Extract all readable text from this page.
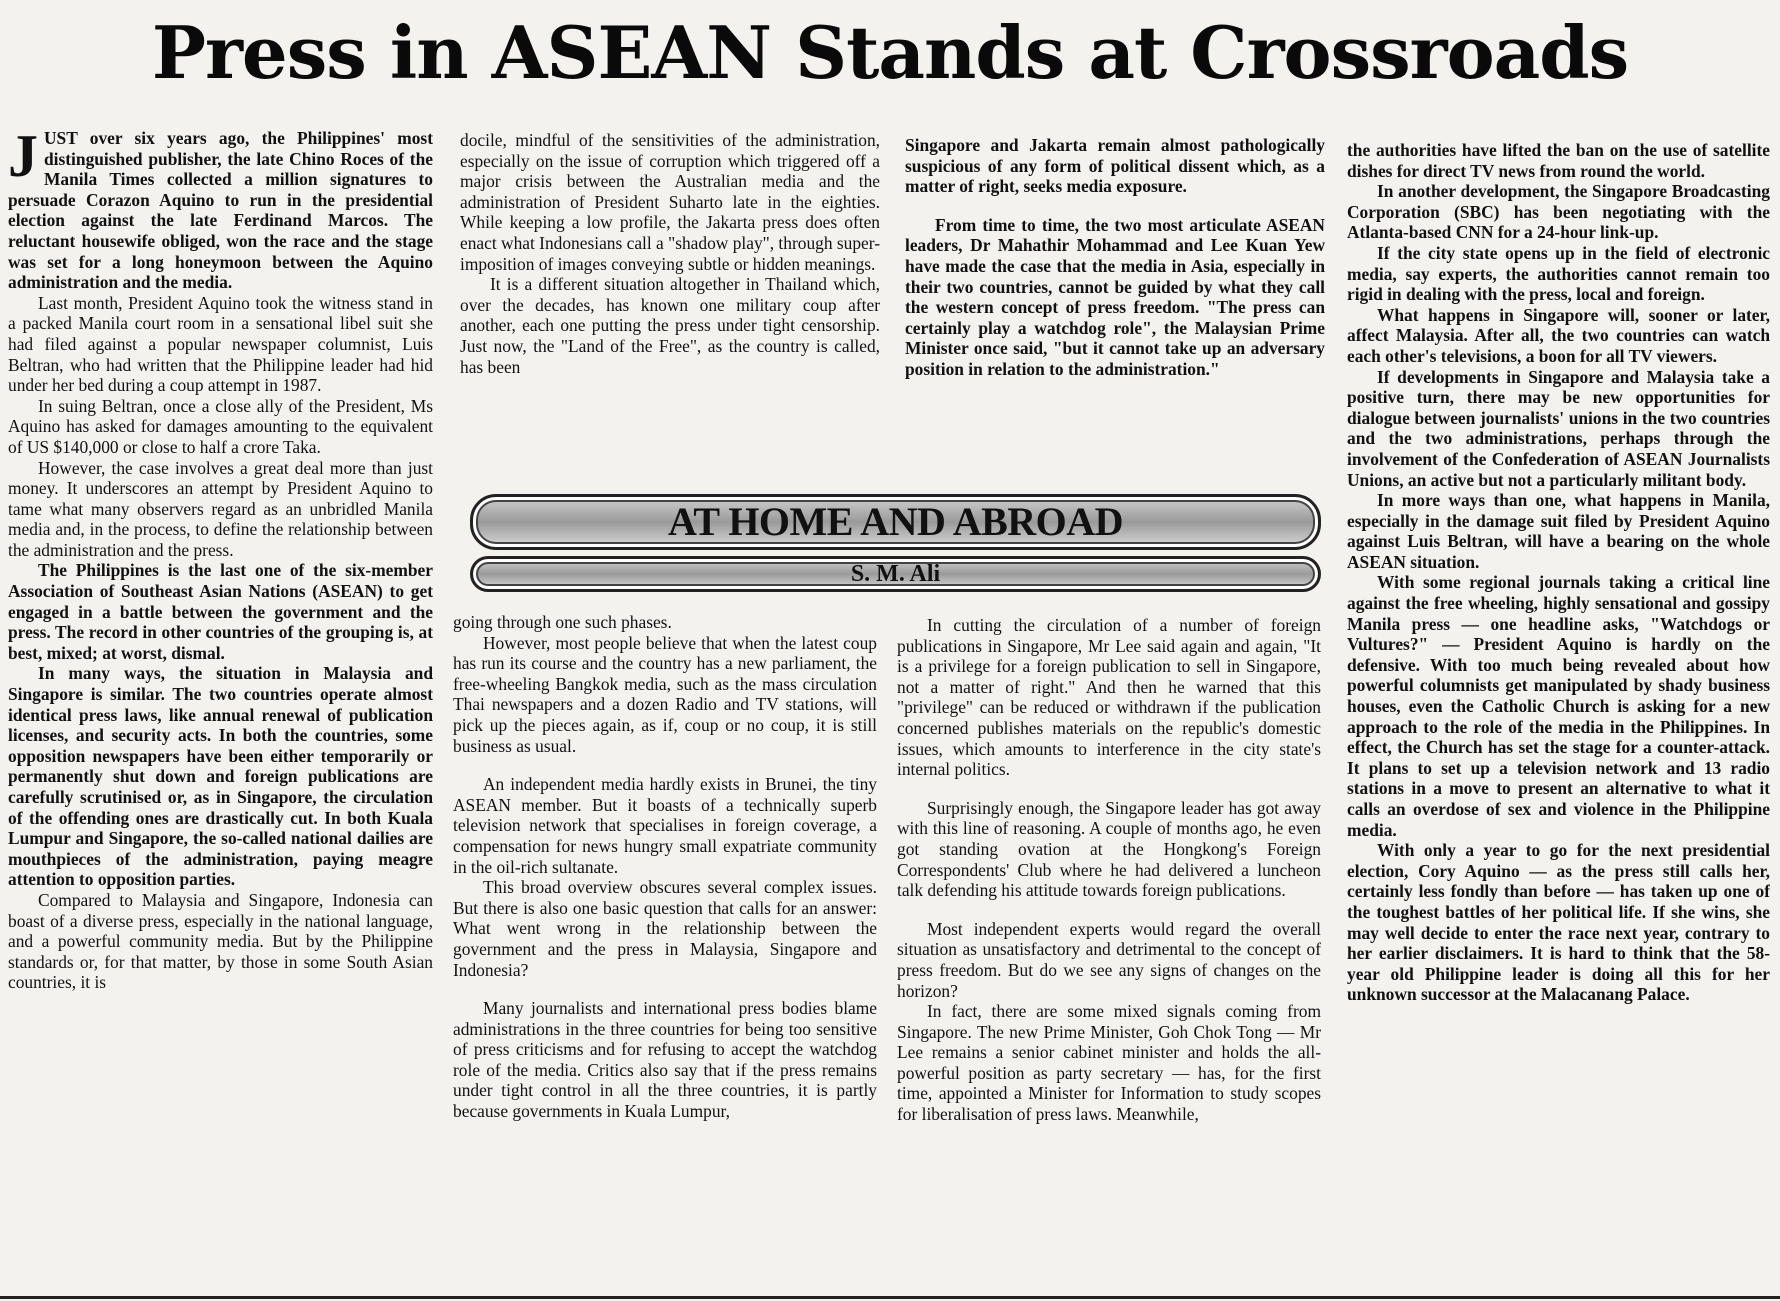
Press in ASEAN Stands at Crossroads
J UST over six years ago, the Philippines' most distinguished publisher, the late Chino Roces of the Manila Times collected a million signatures to persuade Corazon Aquino to run in the presidential election against the late Ferdinand Marcos. The reluctant housewife obliged, won the race and the stage was set for a long honeymoon between the Aquino administration and the media.

Last month, President Aquino took the witness stand in a packed Manila court room in a sensational libel suit she had filed against a popular newspaper columnist, Luis Beltran, who had written that the Philippine leader had hid under her bed during a coup attempt in 1987.

In suing Beltran, once a close ally of the President, Ms Aquino has asked for damages amounting to the equivalent of US $140,000 or close to half a crore Taka.

However, the case involves a great deal more than just money. It underscores an attempt by President Aquino to tame what many observers regard as an unbridled Manila media and, in the process, to define the relationship between the administration and the press.

The Philippines is the last one of the six-member Association of Southeast Asian Nations (ASEAN) to get engaged in a battle between the government and the press. The record in other countries of the grouping is, at best, mixed; at worst, dismal.

In many ways, the situation in Malaysia and Singapore is similar. The two countries operate almost identical press laws, like annual renewal of publication licenses, and security acts. In both the countries, some opposition newspapers have been either temporarily or permanently shut down and foreign publications are carefully scrutinised or, as in Singapore, the circulation of the offending ones are drastically cut. In both Kuala Lumpur and Singapore, the so-called national dailies are mouthpieces of the administration, paying meagre attention to opposition parties.

Compared to Malaysia and Singapore, Indonesia can boast of a diverse press, especially in the national language, and a powerful community media. But by the Philippine standards or, for that matter, by those in some South Asian countries, it is

docile, mindful of the sensitivities of the administration, especially on the issue of corruption which triggered off a major crisis between the Australian media and the administration of President Suharto late in the eighties. While keeping a low profile, the Jakarta press does often enact what Indonesians call a "shadow play", through super- imposition of images conveying subtle or hidden meanings.

It is a different situation altogether in Thailand which, over the decades, has known one military coup after another, each one putting the press under tight censorship. Just now, the "Land of the Free", as the country is called, has been

Singapore and Jakarta remain almost pathologically suspicious of any form of political dissent which, as a matter of right, seeks media exposure.

From time to time, the two most articulate ASEAN leaders, Dr Mahathir Mohammad and Lee Kuan Yew have made the case that the media in Asia, especially in their two countries, cannot be guided by what they call the western concept of press freedom. "The press can certainly play a watchdog role", the Malaysian Prime Minister once said, "but it cannot take up an adversary position in relation to the administration."

AT HOME AND ABROAD
S. M. Ali

going through one such phases.

However, most people believe that when the latest coup has run its course and the country has a new parliament, the free-wheeling Bangkok media, such as the mass circulation Thai newspapers and a dozen Radio and TV stations, will pick up the pieces again, as if, coup or no coup, it is still business as usual.

An independent media hardly exists in Brunei, the tiny ASEAN member. But it boasts of a technically superb television network that specialises in foreign coverage, a compensation for news hungry small expatriate community in the oil-rich sultanate.

This broad overview obscures several complex issues. But there is also one basic question that calls for an answer: What went wrong in the relationship between the government and the press in Malaysia, Singapore and Indonesia?

Many journalists and international press bodies blame administrations in the three countries for being too sensitive of press criticisms and for refusing to accept the watchdog role of the media. Critics also say that if the press remains under tight control in all the three countries, it is partly because governments in Kuala Lumpur,

In cutting the circulation of a number of foreign publications in Singapore, Mr Lee said again and again, "It is a privilege for a foreign publication to sell in Singapore, not a matter of right." And then he warned that this "privilege" can be reduced or withdrawn if the publication concerned publishes materials on the republic's domestic issues, which amounts to interference in the city state's internal politics.

Surprisingly enough, the Singapore leader has got away with this line of reasoning. A couple of months ago, he even got standing ovation at the Hongkong's Foreign Correspondents' Club where he had delivered a luncheon talk defending his attitude towards foreign publications.

Most independent experts would regard the overall situation as unsatisfactory and detrimental to the concept of press freedom. But do we see any signs of changes on the horizon?

In fact, there are some mixed signals coming from Singapore. The new Prime Minister, Goh Chok Tong — Mr Lee remains a senior cabinet minister and holds the all-powerful position as party secretary — has, for the first time, appointed a Minister for Information to study scopes for liberalisation of press laws. Meanwhile,

the authorities have lifted the ban on the use of satellite dishes for direct TV news from round the world.

In another development, the Singapore Broadcasting Corporation (SBC) has been negotiating with the Atlanta-based CNN for a 24-hour link-up.

If the city state opens up in the field of electronic media, say experts, the authorities cannot remain too rigid in dealing with the press, local and foreign.

What happens in Singapore will, sooner or later, affect Malaysia. After all, the two countries can watch each other's televisions, a boon for all TV viewers.

If developments in Singapore and Malaysia take a positive turn, there may be new opportunities for dialogue between journalists' unions in the two countries and the two administrations, perhaps through the involvement of the Confederation of ASEAN Journalists Unions, an active but not a particularly militant body.

In more ways than one, what happens in Manila, especially in the damage suit filed by President Aquino against Luis Beltran, will have a bearing on the whole ASEAN situation.

With some regional journals taking a critical line against the free wheeling, highly sensational and gossipy Manila press — one headline asks, "Watchdogs or Vultures?" — President Aquino is hardly on the defensive. With too much being revealed about how powerful columnists get manipulated by shady business houses, even the Catholic Church is asking for a new approach to the role of the media in the Philippines. In effect, the Church has set the stage for a counter-attack. It plans to set up a television network and 13 radio stations in a move to present an alternative to what it calls an overdose of sex and violence in the Philippine media.

With only a year to go for the next presidential election, Cory Aquino — as the press still calls her, certainly less fondly than before — has taken up one of the toughest battles of her political life. If she wins, she may well decide to enter the race next year, contrary to her earlier disclaimers. It is hard to think that the 58-year old Philippine leader is doing all this for her unknown successor at the Malacanang Palace.
